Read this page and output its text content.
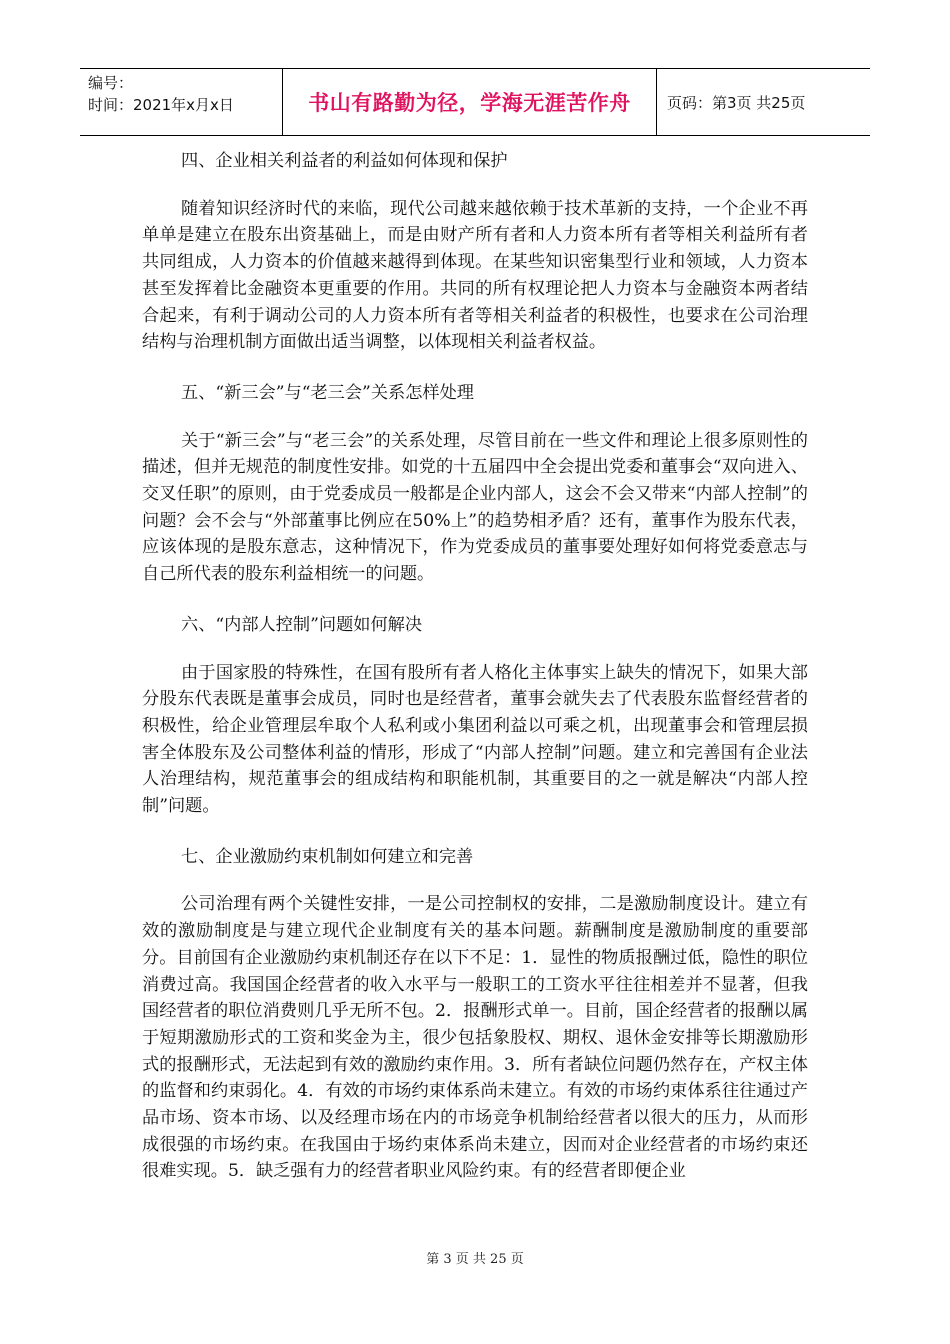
编号：
时间：2021年x月x日	书山有路勤为径，学海无涯苦作舟	页码：第3页 共25页

四、企业相关利益者的利益如何体现和保护

随着知识经济时代的来临，现代公司越来越依赖于技术革新的支持，一个企业不再单单是建立在股东出资基础上，而是由财产所有者和人力资本所有者等相关利益所有者共同组成，人力资本的价值越来越得到体现。在某些知识密集型行业和领域，人力资本甚至发挥着比金融资本更重要的作用。共同的所有权理论把人力资本与金融资本两者结合起来，有利于调动公司的人力资本所有者等相关利益者的积极性，也要求在公司治理结构与治理机制方面做出适当调整，以体现相关利益者权益。

五、“新三会”与“老三会”关系怎样处理

关于“新三会”与“老三会”的关系处理，尽管目前在一些文件和理论上很多原则性的描述，但并无规范的制度性安排。如党的十五届四中全会提出党委和董事会“双向进入、交叉任职”的原则，由于党委成员一般都是企业内部人，这会不会又带来“内部人控制”的问题？会不会与“外部董事比例应在50%上”的趋势相矛盾？还有，董事作为股东代表，应该体现的是股东意志，这种情况下，作为党委成员的董事要处理好如何将党委意志与自己所代表的股东利益相统一的问题。

六、“内部人控制”问题如何解决

由于国家股的特殊性，在国有股所有者人格化主体事实上缺失的情况下，如果大部分股东代表既是董事会成员，同时也是经营者，董事会就失去了代表股东监督经营者的积极性，给企业管理层牟取个人私利或小集团利益以可乘之机，出现董事会和管理层损害全体股东及公司整体利益的情形，形成了“内部人控制”问题。建立和完善国有企业法人治理结构，规范董事会的组成结构和职能机制，其重要目的之一就是解决“内部人控制”问题。

七、企业激励约束机制如何建立和完善

公司治理有两个关键性安排，一是公司控制权的安排，二是激励制度设计。建立有效的激励制度是与建立现代企业制度有关的基本问题。薪酬制度是激励制度的重要部分。目前国有企业激励约束机制还存在以下不足：1．显性的物质报酬过低，隐性的职位消费过高。我国国企经营者的收入水平与一般职工的工资水平往往相差并不显著，但我国经营者的职位消费则几乎无所不包。2．报酬形式单一。目前，国企经营者的报酬以属于短期激励形式的工资和奖金为主，很少包括象股权、期权、退休金安排等长期激励形式的报酬形式，无法起到有效的激励约束作用。3．所有者缺位问题仍然存在，产权主体的监督和约束弱化。4．有效的市场约束体系尚未建立。有效的市场约束体系往往通过产品市场、资本市场、以及经理市场在内的市场竞争机制给经营者以很大的压力，从而形成很强的市场约束。在我国由于场约束体系尚未建立，因而对企业经营者的市场约束还很难实现。5．缺乏强有力的经营者职业风险约束。有的经营者即便企业

第 3 页 共 25 页
